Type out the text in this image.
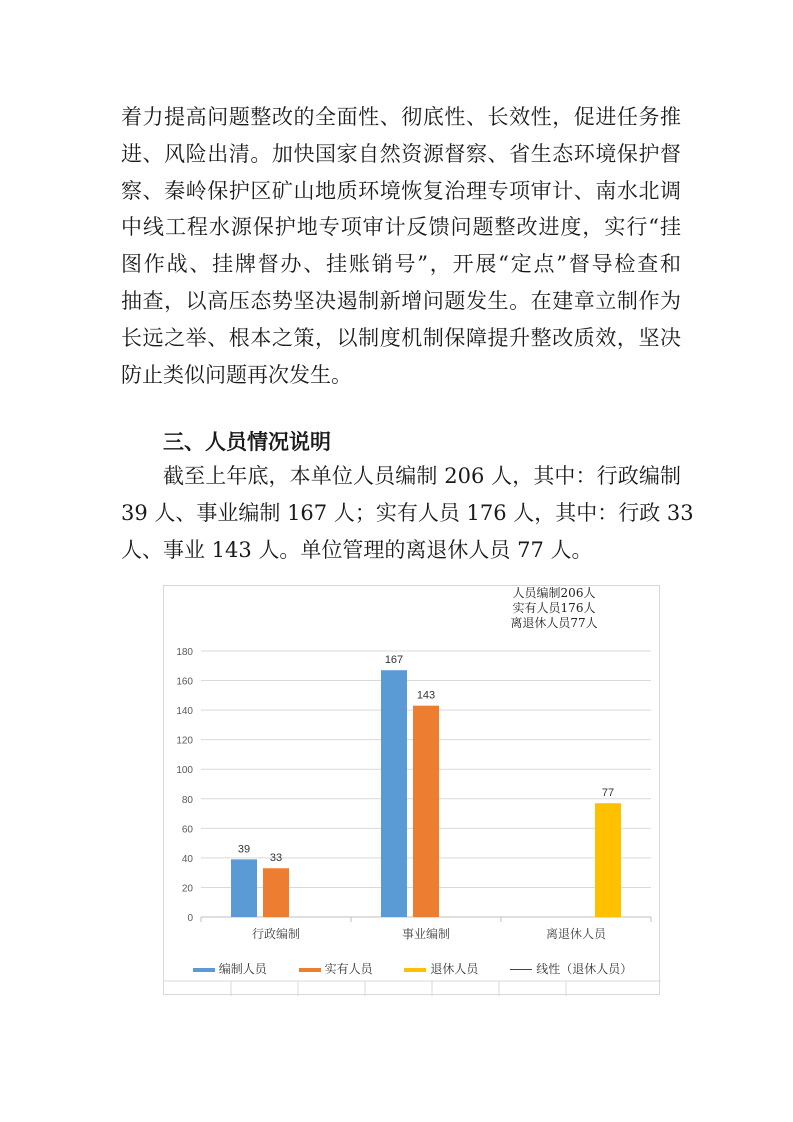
着力提高问题整改的全面性、彻底性、长效性，促进任务推
进、风险出清。加快国家自然资源督察、省生态环境保护督
察、秦岭保护区矿山地质环境恢复治理专项审计、南水北调
中线工程水源保护地专项审计反馈问题整改进度，实行“挂
图作战、挂牌督办、挂账销号”，开展“定点”督导检查和
抽查，以高压态势坚决遏制新增问题发生。在建章立制作为
长远之举、根本之策，以制度机制保障提升整改质效，坚决
防止类似问题再次发生。
三、人员情况说明
截至上年底，本单位人员编制 206 人，其中：行政编制
39 人、事业编制 167 人；实有人员 176 人，其中：行政 33
人、事业 143 人。单位管理的离退休人员 77 人。
0
20
40
60
80
100
120
140
160
180
行政编制	事业编制	离退休人员
39
33
167
143
77
人员编制206人
实有人员176人
离退休人员77人
编制人员	实有人员	退休人员	线性（退休人员）
